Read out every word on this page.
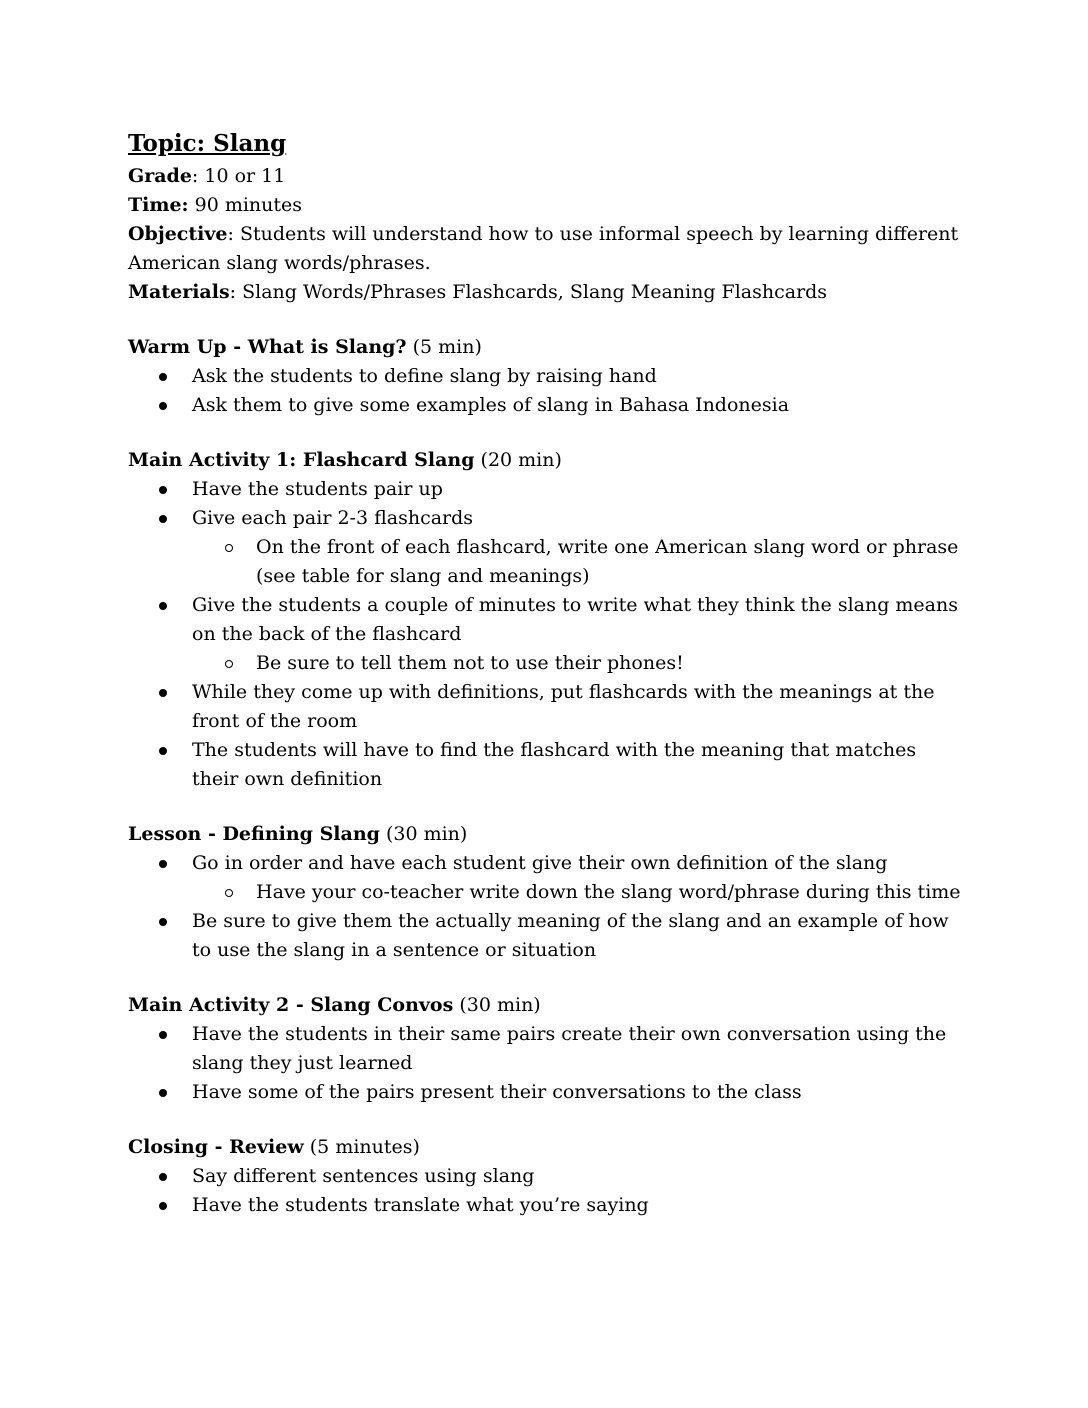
Topic: Slang

Grade: 10 or 11

Time: 90 minutes

Objective: Students will understand how to use informal speech by learning different American slang words/phrases.

Materials: Slang Words/Phrases Flashcards, Slang Meaning Flashcards

Warm Up - What is Slang? (5 min)

Ask the students to define slang by raising hand
Ask them to give some examples of slang in Bahasa Indonesia

Main Activity 1: Flashcard Slang (20 min)

Have the students pair up
Give each pair 2-3 flashcards
On the front of each flashcard, write one American slang word or phrase (see table for slang and meanings)
Give the students a couple of minutes to write what they think the slang means on the back of the flashcard
Be sure to tell them not to use their phones!
While they come up with definitions, put flashcards with the meanings at the front of the room
The students will have to find the flashcard with the meaning that matches their own definition

Lesson - Defining Slang (30 min)

Go in order and have each student give their own definition of the slang
Have your co-teacher write down the slang word/phrase during this time
Be sure to give them the actually meaning of the slang and an example of how to use the slang in a sentence or situation

Main Activity 2 - Slang Convos (30 min)

Have the students in their same pairs create their own conversation using the slang they just learned
Have some of the pairs present their conversations to the class

Closing - Review (5 minutes)

Say different sentences using slang
Have the students translate what you’re saying
